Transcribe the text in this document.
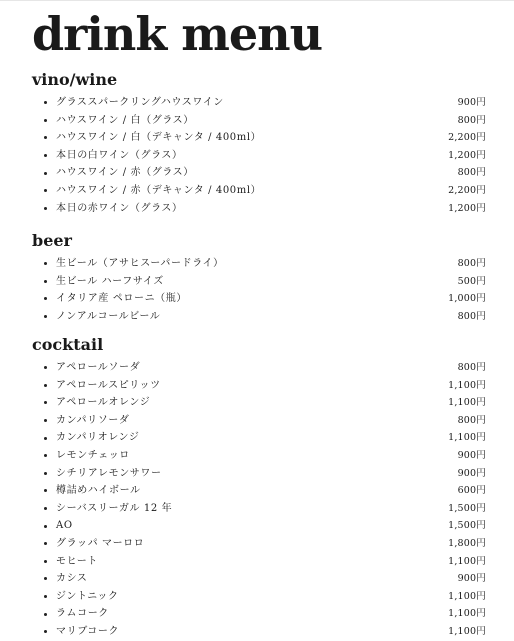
drink menu
vino/wine
グラススパークリングハウスワイン	900円
ハウスワイン / 白（グラス）	800円
ハウスワイン / 白（デキャンタ / 400ml）	2,200円
本日の白ワイン（グラス）	1,200円
ハウスワイン / 赤（グラス）	800円
ハウスワイン / 赤（デキャンタ / 400ml）	2,200円
本日の赤ワイン（グラス）	1,200円
beer
生ビール（アサヒスーパードライ）	800円
生ビール ハーフサイズ	500円
イタリア産 ペローニ（瓶）	1,000円
ノンアルコールビール	800円
cocktail
アペロールソーダ	800円
アペロールスピリッツ	1,100円
アペロールオレンジ	1,100円
カンパリソーダ	800円
カンパリオレンジ	1,100円
レモンチェッロ	900円
シチリアレモンサワー	900円
樽詰めハイボール	600円
シーバスリーガル 12 年	1,500円
AO	1,500円
グラッパ マーロロ	1,800円
モヒート	1,100円
カシス	900円
ジントニック	1,100円
ラムコーク	1,100円
マリブコーク	1,100円
